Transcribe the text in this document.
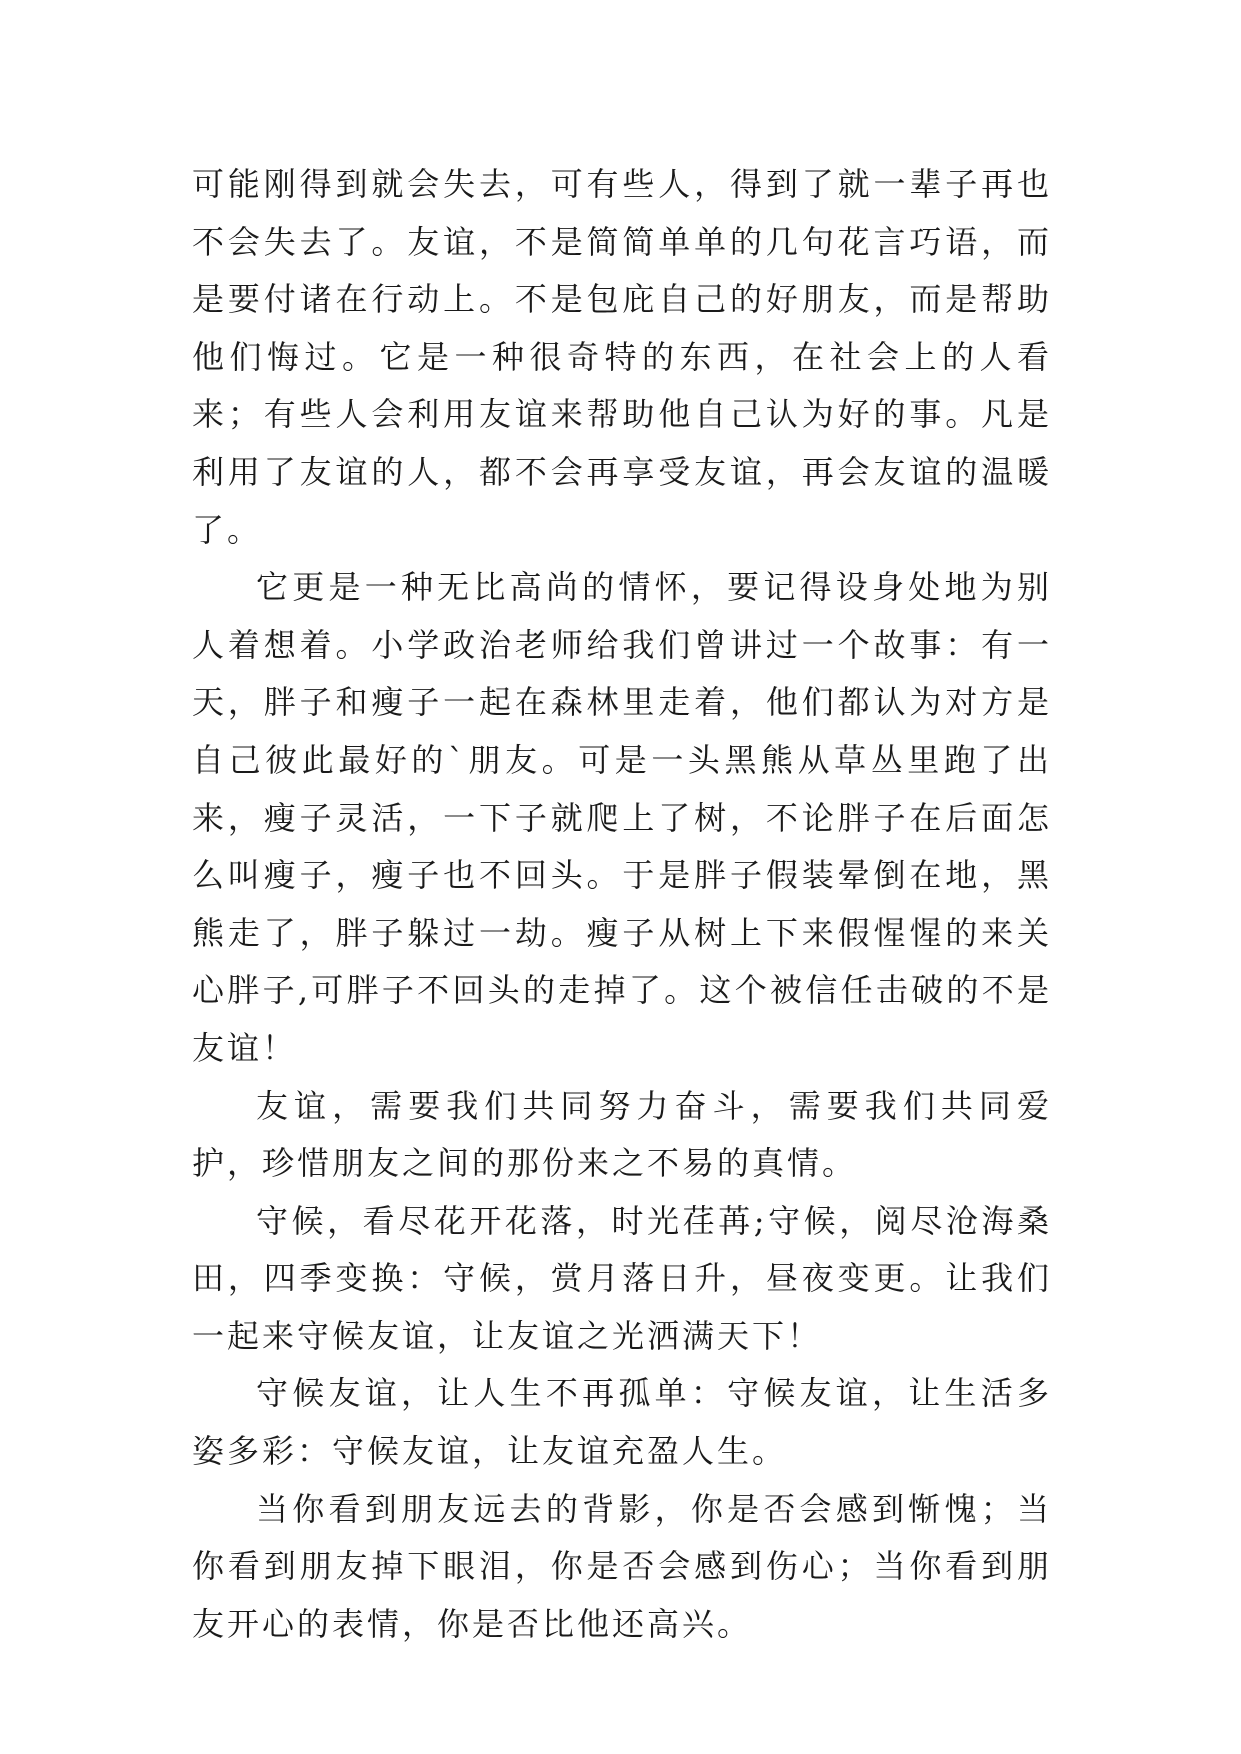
可能刚得到就会失去，可有些人，得到了就一辈子再也不会失去了。友谊，不是简简单单的几句花言巧语，而是要付诸在行动上。不是包庇自己的好朋友，而是帮助他们悔过。它是一种很奇特的东西，在社会上的人看来；有些人会利用友谊来帮助他自己认为好的事。凡是利用了友谊的人，都不会再享受友谊，再会友谊的温暖了。

它更是一种无比高尚的情怀，要记得设身处地为别人着想着。小学政治老师给我们曾讲过一个故事：有一天，胖子和瘦子一起在森林里走着，他们都认为对方是自己彼此最好的`朋友。可是一头黑熊从草丛里跑了出来，瘦子灵活，一下子就爬上了树，不论胖子在后面怎么叫瘦子，瘦子也不回头。于是胖子假装晕倒在地，黑熊走了，胖子躲过一劫。瘦子从树上下来假惺惺的来关心胖子,可胖子不回头的走掉了。这个被信任击破的不是友谊！

友谊，需要我们共同努力奋斗，需要我们共同爱护，珍惜朋友之间的那份来之不易的真情。

守候，看尽花开花落，时光荏苒;守候，阅尽沧海桑田，四季变换：守候，赏月落日升，昼夜变更。让我们一起来守候友谊，让友谊之光洒满天下！

守候友谊，让人生不再孤单：守候友谊，让生活多姿多彩：守候友谊，让友谊充盈人生。

当你看到朋友远去的背影，你是否会感到惭愧；当你看到朋友掉下眼泪，你是否会感到伤心；当你看到朋友开心的表情，你是否比他还高兴。
